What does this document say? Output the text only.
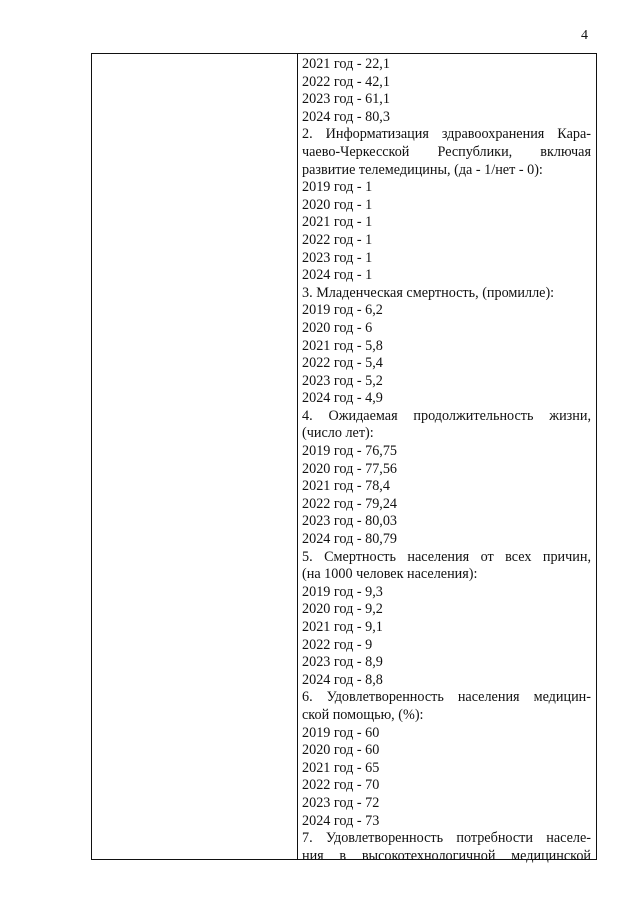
4
2021 год - 22,1
2022 год - 42,1
2023 год - 61,1
2024 год - 80,3
2. Информатизация здравоохранения Кара-
чаево-Черкесской Республики, включая
развитие телемедицины, (да - 1/нет - 0):
2019 год - 1
2020 год - 1
2021 год - 1
2022 год - 1
2023 год - 1
2024 год - 1
3. Младенческая смертность, (промилле):
2019 год - 6,2
2020 год - 6
2021 год - 5,8
2022 год - 5,4
2023 год - 5,2
2024 год - 4,9
4. Ожидаемая продолжительность жизни,
(число лет):
2019 год - 76,75
2020 год - 77,56
2021 год - 78,4
2022 год - 79,24
2023 год - 80,03
2024 год - 80,79
5. Смертность населения от всех причин,
(на 1000 человек населения):
2019 год - 9,3
2020 год - 9,2
2021 год - 9,1
2022 год - 9
2023 год - 8,9
2024 год - 8,8
6. Удовлетворенность населения медицин-
ской помощью, (%):
2019 год - 60
2020 год - 60
2021 год - 65
2022 год - 70
2023 год - 72
2024 год - 73
7. Удовлетворенность потребности населе-
ния в высокотехнологичной медицинской
